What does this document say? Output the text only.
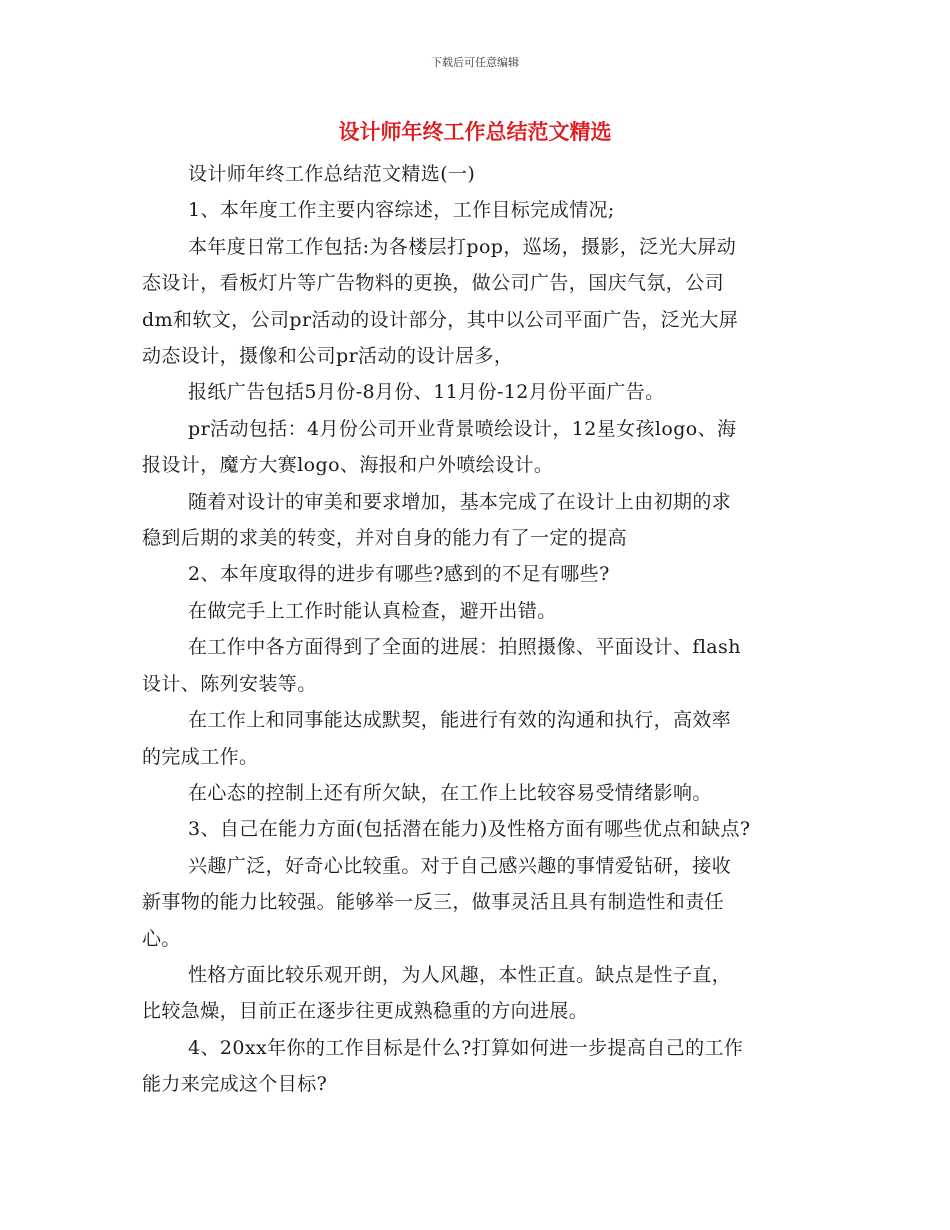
下载后可任意编辑
设计师年终工作总结范文精选

设计师年终工作总结范文精选(一)

1、本年度工作主要内容综述，工作目标完成情况;

本年度日常工作包括:为各楼层打pop，巡场，摄影，泛光大屏动
态设计，看板灯片等广告物料的更换，做公司广告，国庆气氛，公司
dm和软文，公司pr活动的设计部分，其中以公司平面广告，泛光大屏
动态设计，摄像和公司pr活动的设计居多，

报纸广告包括5月份-8月份、11月份-12月份平面广告。

pr活动包括：4月份公司开业背景喷绘设计，12星女孩logo、海
报设计，魔方大赛logo、海报和户外喷绘设计。

随着对设计的审美和要求增加，基本完成了在设计上由初期的求
稳到后期的求美的转变，并对自身的能力有了一定的提高

2、本年度取得的进步有哪些?感到的不足有哪些?

在做完手上工作时能认真检查，避开出错。

在工作中各方面得到了全面的进展：拍照摄像、平面设计、flash
设计、陈列安装等。

在工作上和同事能达成默契，能进行有效的沟通和执行，高效率
的完成工作。

在心态的控制上还有所欠缺，在工作上比较容易受情绪影响。

3、自己在能力方面(包括潜在能力)及性格方面有哪些优点和缺点?

兴趣广泛，好奇心比较重。对于自己感兴趣的事情爱钻研，接收
新事物的能力比较强。能够举一反三，做事灵活且具有制造性和责任
心。

性格方面比较乐观开朗，为人风趣，本性正直。缺点是性子直，
比较急燥，目前正在逐步往更成熟稳重的方向进展。

4、20xx年你的工作目标是什么?打算如何进一步提高自己的工作
能力来完成这个目标?
